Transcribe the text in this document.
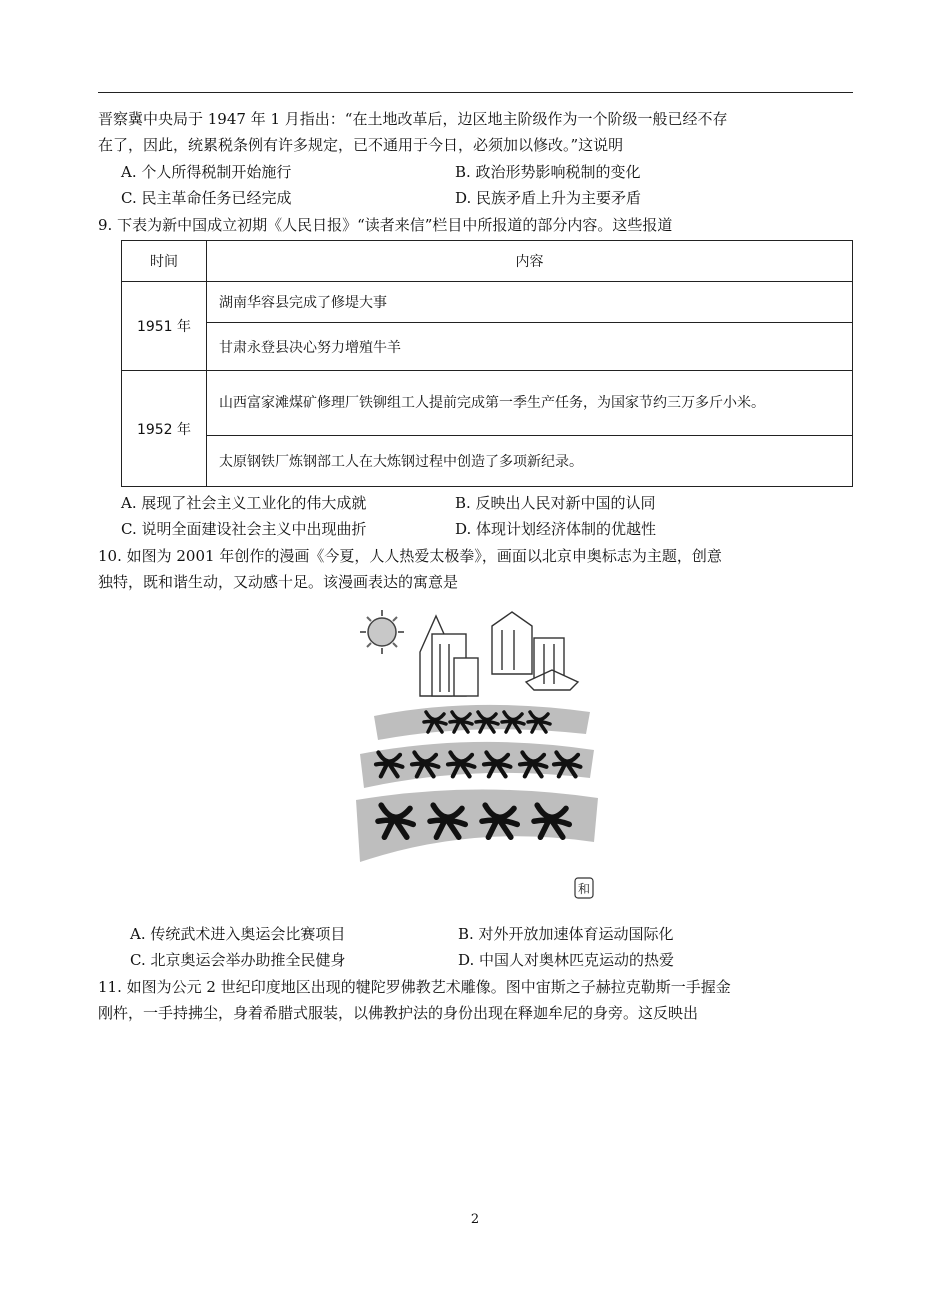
晋察冀中央局于 1947 年 1 月指出：“在土地改革后，边区地主阶级作为一个阶级一般已经不存
在了，因此，统累税条例有许多规定，已不通用于今日，必须加以修改。”这说明
A. 个人所得税制开始施行	B. 政治形势影响税制的变化
C. 民主革命任务已经完成	D. 民族矛盾上升为主要矛盾
9. 下表为新中国成立初期《人民日报》“读者来信”栏目中所报道的部分内容。这些报道
时间	内容
1951 年	湖南华容县完成了修堤大事
	甘肃永登县决心努力增殖牛羊
1952 年	山西富家滩煤矿修理厂铁铆组工人提前完成第一季生产任务，为国家节约三万多斤小米。
	太原钢铁厂炼钢部工人在大炼钢过程中创造了多项新纪录。
A. 展现了社会主义工业化的伟大成就	B. 反映出人民对新中国的认同
C. 说明全面建设社会主义中出现曲折	D. 体现计划经济体制的优越性
10. 如图为 2001 年创作的漫画《今夏，人人热爱太极拳》，画面以北京申奥标志为主题，创意
独特，既和谐生动，又动感十足。该漫画表达的寓意是
和
A. 传统武术进入奥运会比赛项目	B. 对外开放加速体育运动国际化
C. 北京奥运会举办助推全民健身	D. 中国人对奥林匹克运动的热爱
11. 如图为公元 2 世纪印度地区出现的犍陀罗佛教艺术雕像。图中宙斯之子赫拉克勒斯一手握金
刚杵，一手持拂尘，身着希腊式服装，以佛教护法的身份出现在释迦牟尼的身旁。这反映出
2
